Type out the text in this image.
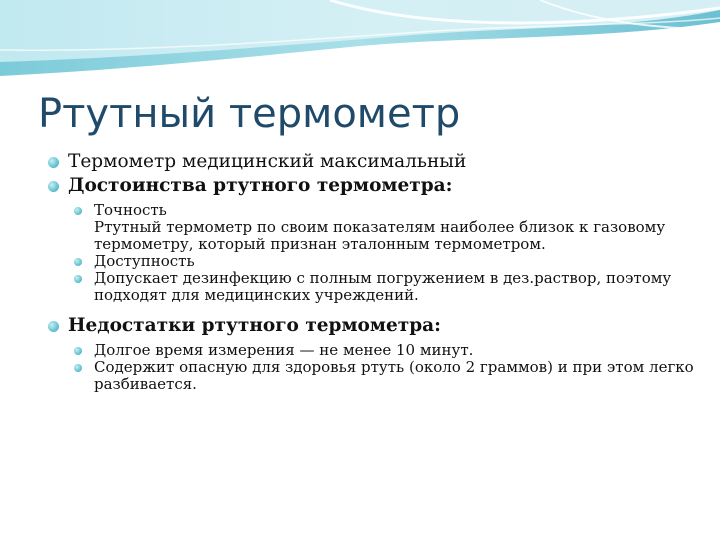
Ртутный термометр
Термометр медицинский максимальный
Достоинства ртутного термометра:
Точность
Ртутный термометр по своим показателям наиболее близок к газовому термометру, который признан эталонным термометром.
Доступность
Допускает дезинфекцию с полным погружением в дез.раствор, поэтому подходят для медицинских учреждений.
Недостатки ртутного термометра:
Долгое время измерения — не менее 10 минут.
Содержит опасную для здоровья ртуть (около 2 граммов) и при этом легко разбивается.
